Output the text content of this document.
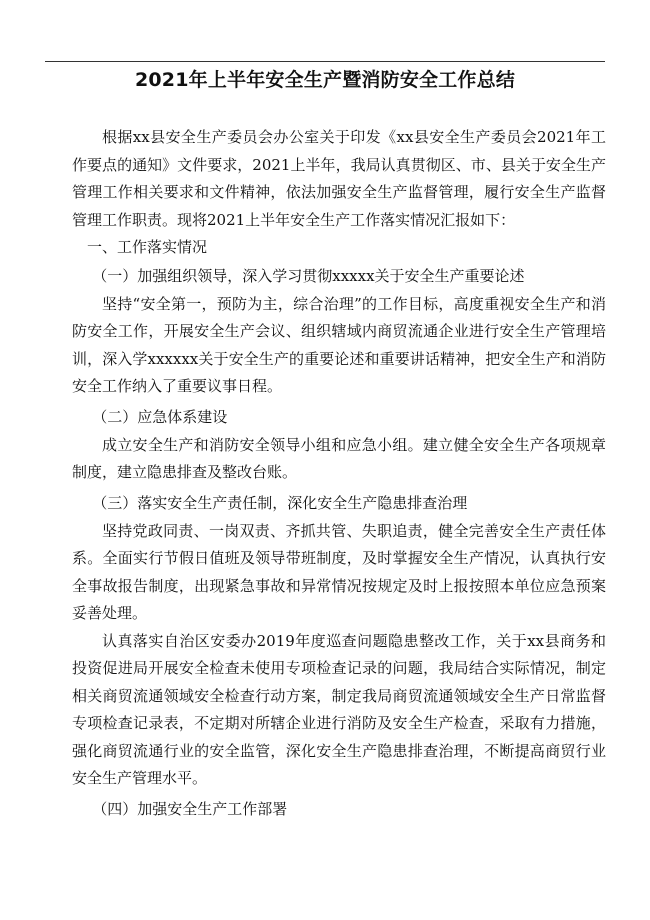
2021年上半年安全生产暨消防安全工作总结

根据xx县安全生产委员会办公室关于印发《xx县安全生产委员会2021年工作要点的通知》文件要求，2021上半年，我局认真贯彻区、市、县关于安全生产管理工作相关要求和文件精神，依法加强安全生产监督管理，履行安全生产监督管理工作职责。现将2021上半年安全生产工作落实情况汇报如下：

一、工作落实情况

（一）加强组织领导，深入学习贯彻xxxxx关于安全生产重要论述

坚持“安全第一，预防为主，综合治理”的工作目标，高度重视安全生产和消防安全工作，开展安全生产会议、组织辖域内商贸流通企业进行安全生产管理培训，深入学xxxxxx关于安全生产的重要论述和重要讲话精神，把安全生产和消防安全工作纳入了重要议事日程。

（二）应急体系建设

成立安全生产和消防安全领导小组和应急小组。建立健全安全生产各项规章制度，建立隐患排查及整改台账。

（三）落实安全生产责任制，深化安全生产隐患排查治理

坚持党政同责、一岗双责、齐抓共管、失职追责，健全完善安全生产责任体系。全面实行节假日值班及领导带班制度，及时掌握安全生产情况，认真执行安全事故报告制度，出现紧急事故和异常情况按规定及时上报按照本单位应急预案妥善处理。

认真落实自治区安委办2019年度巡查问题隐患整改工作，关于xx县商务和投资促进局开展安全检查未使用专项检查记录的问题，我局结合实际情况，制定相关商贸流通领域安全检查行动方案，制定我局商贸流通领域安全生产日常监督专项检查记录表，不定期对所辖企业进行消防及安全生产检查，采取有力措施，强化商贸流通行业的安全监管，深化安全生产隐患排查治理，不断提高商贸行业安全生产管理水平。

（四）加强安全生产工作部署
